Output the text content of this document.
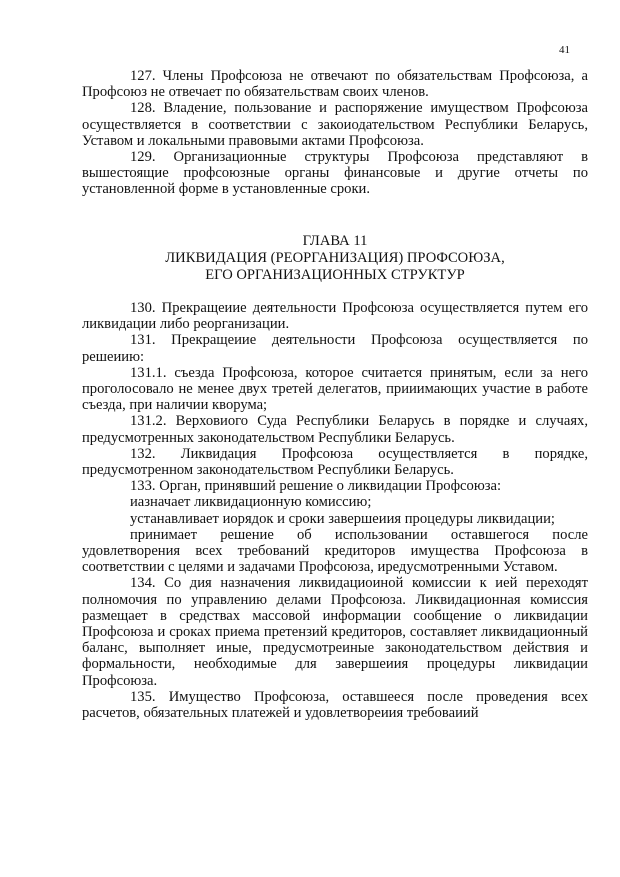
41

127. Члены Профсоюза не отвечают по обязательствам Профсоюза, а Профсоюз не отвечает по обязательствам своих членов.

128. Владение, пользование и распоряжение имуществом Профсоюза осуществляется в соответствии с закоиодательством Республики Беларусь, Уставом и локальными правовыми актами Профсоюза.

129. Организационные структуры Профсоюза представляют в вышестоящие профсоюзные органы финансовые и другие отчеты по установленной форме в установленные сроки.

ГЛАВА 11

ЛИКВИДАЦИЯ (РЕОРГАНИЗАЦИЯ) ПРОФСОЮЗА,

ЕГО ОРГАНИЗАЦИОННЫХ СТРУКТУР

130. Прекращеиие деятельности Профсоюза осуществляется путем его ликвидации либо реорганизации.

131. Прекращеиие деятельности Профсоюза осуществляется по решеиию:

131.1. съезда Профсоюза, которое считается принятым, если за него проголосовало не менее двух третей делегатов, прииимающих участие в работе съезда, при наличии кворума;

131.2. Верховиого Суда Республики Беларусь в порядке и случаях, предусмотренных законодательством Республики Беларусь.

132. Ликвидация Профсоюза осуществляется в порядке, предусмотренном законодательством Республики Беларусь.

133. Орган, принявший решение о ликвидации Профсоюза:

иазначает ликвидационную комиссию;

устанавливает иорядок и сроки завершеиия процедуры ликвидации;

принимает решение об использовании оставшегося после удовлетворения всех требований кредиторов имущества Профсоюза в соответствии с целями и задачами Профсоюза, иредусмотренными Уставом.

134. Со дия назначения ликвидациоиной комиссии к ией переходят полномочия по управлению делами Профсоюза. Ликвидационная комиссия размещает в средствах массовой информации сообщение о ликвидации Профсоюза и сроках приема претензий кредиторов, составляет ликвидационный баланс, выполняет иные, предусмотреиные законодательством действия и формальности, необходимые для завершеиия процедуры ликвидации Профсоюза.

135. Имущество Профсоюза, оставшееся после проведения всех расчетов, обязательных платежей и удовлетвореиия требоваиий
